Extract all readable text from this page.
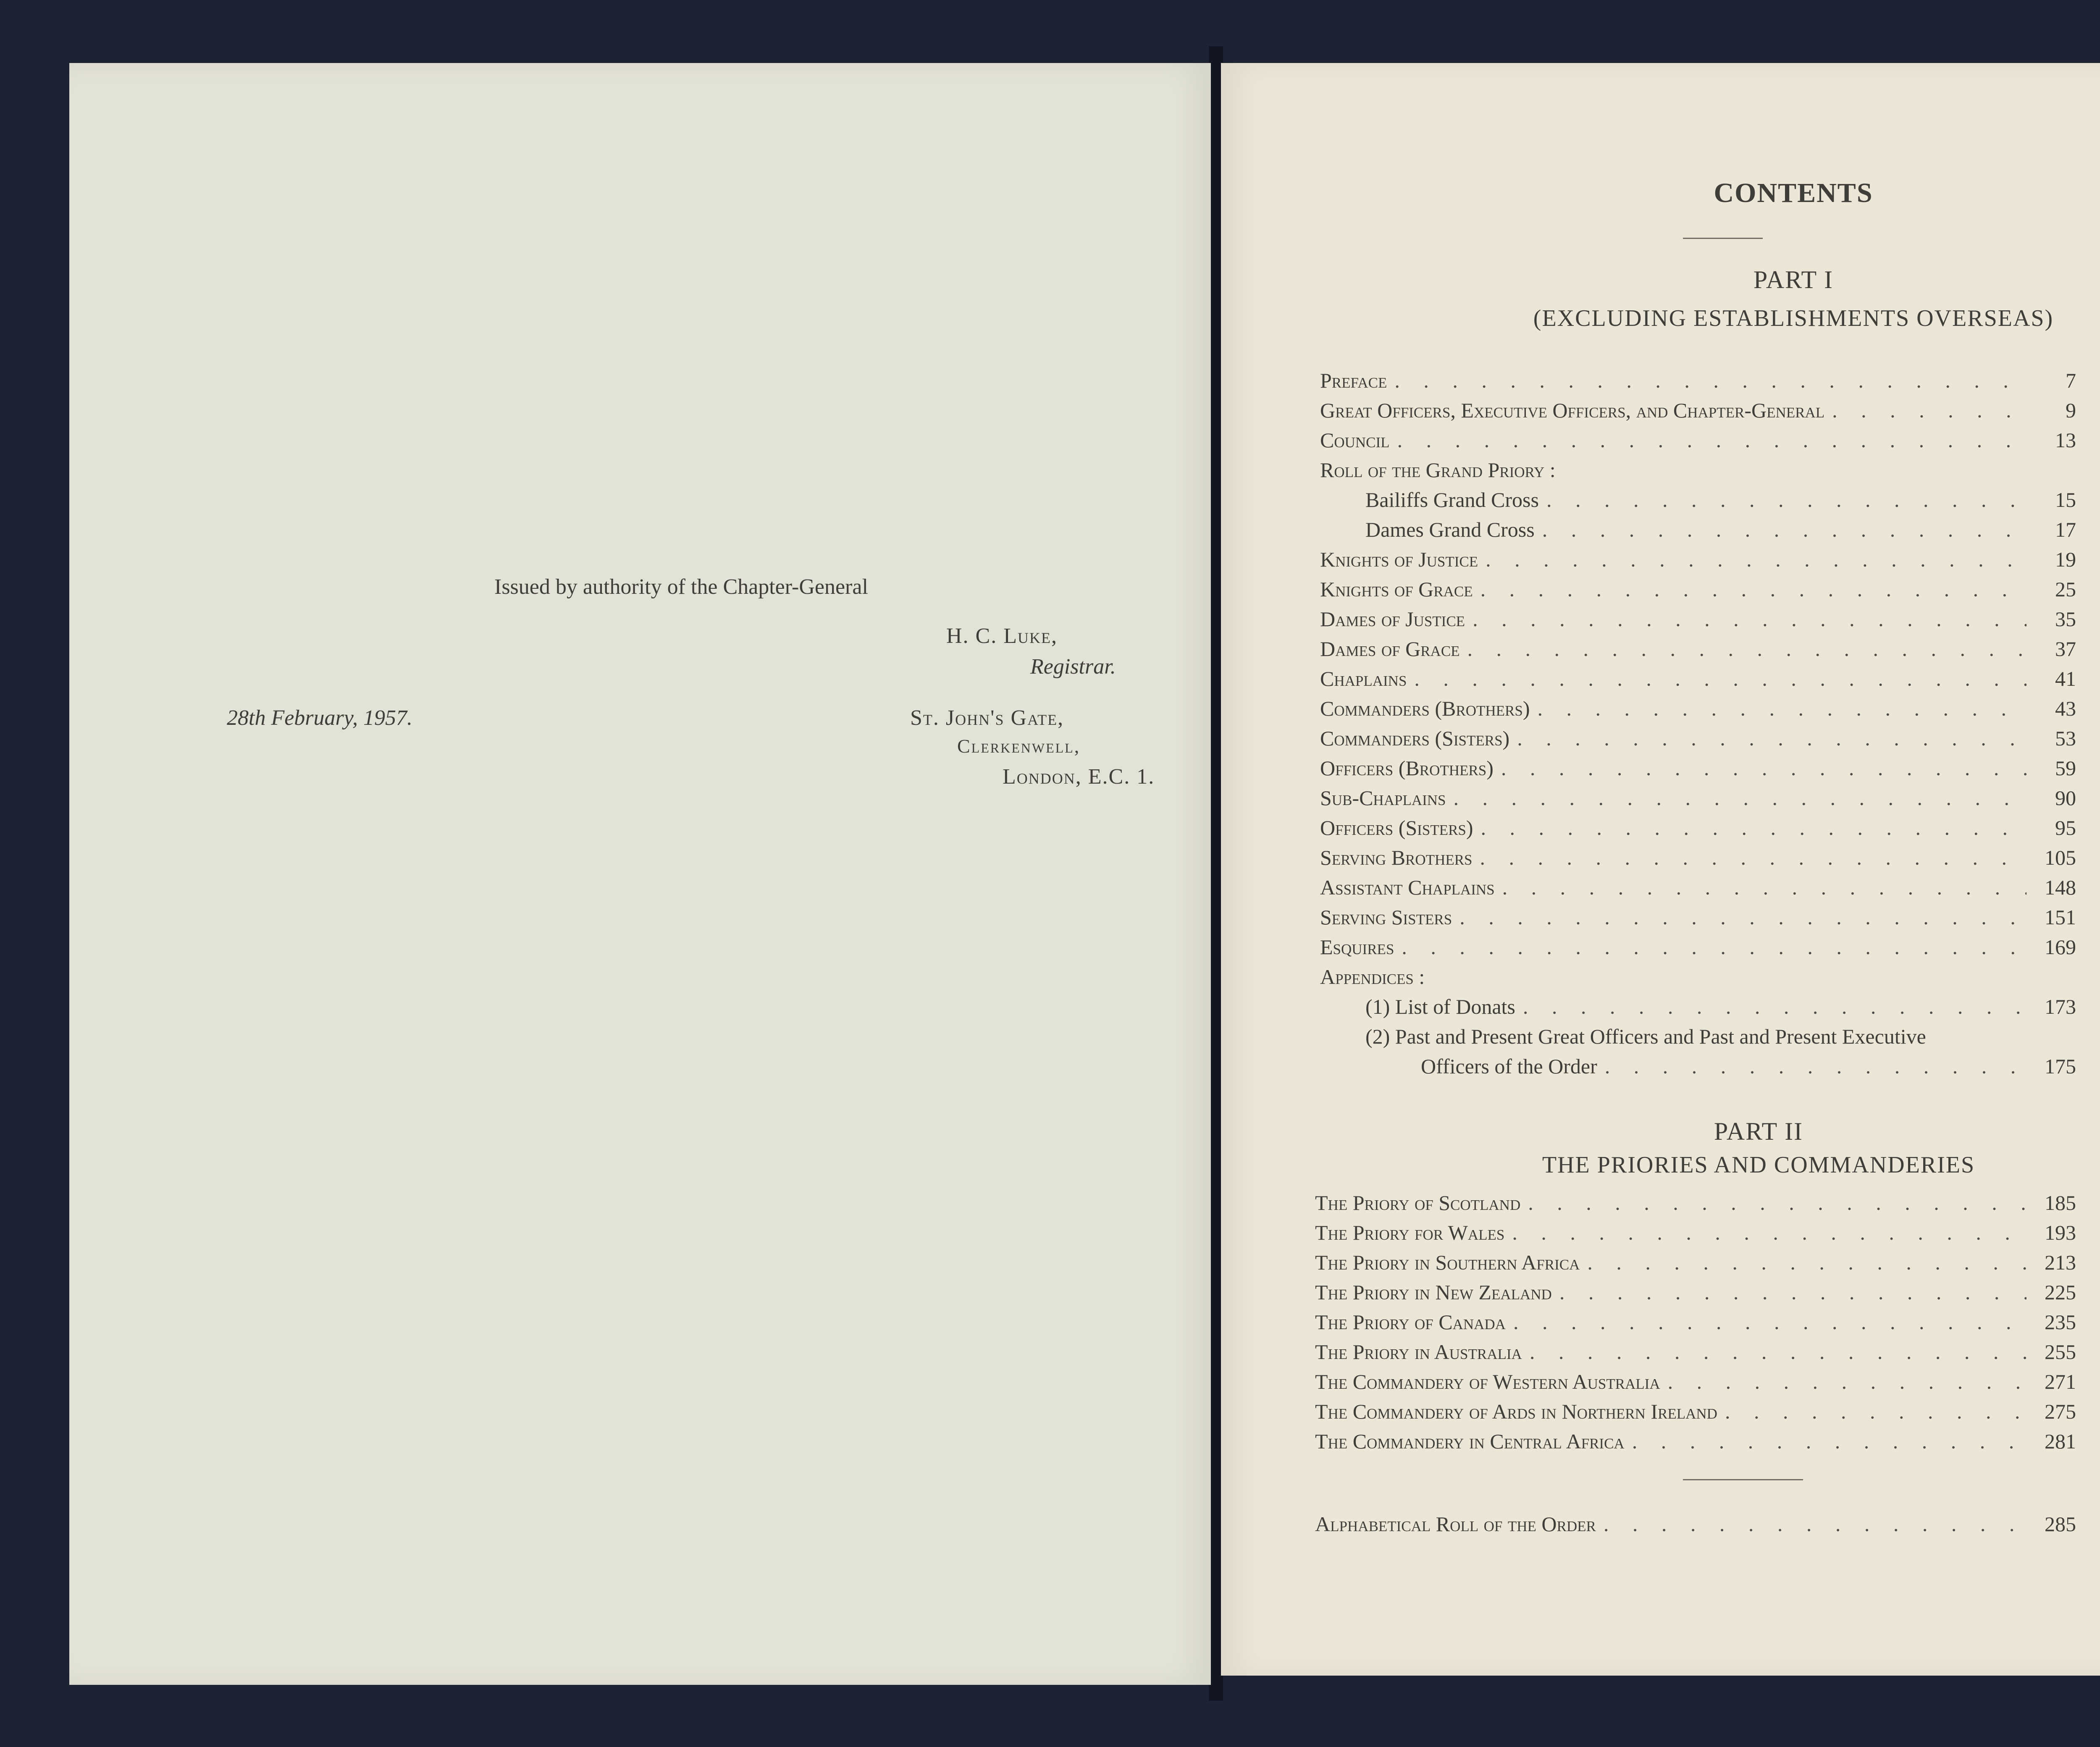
Issued by authority of the Chapter-General
H. C. Luke,
Registrar.
28th February, 1957.	St. John's Gate,
Clerkenwell,
London, E.C. 1.
CONTENTS
PART I
(EXCLUDING ESTABLISHMENTS OVERSEAS)
Preface . . .	7
Great Officers, Executive Officers, and Chapter-General . . .	9
Council . . .	13
Roll of the Grand Priory :
Bailiffs Grand Cross . . .	15
Dames Grand Cross . . .	17
Knights of Justice . . .	19
Knights of Grace . . .	25
Dames of Justice . . .	35
Dames of Grace . . .	37
Chaplains . . .	41
Commanders (Brothers) . . .	43
Commanders (Sisters) . . .	53
Officers (Brothers) . . .	59
Sub-Chaplains . . .	90
Officers (Sisters) . . .	95
Serving Brothers . . .	105
Assistant Chaplains . . .	148
Serving Sisters . . .	151
Esquires . . .	169
Appendices :
(1) List of Donats . . .	173
(2) Past and Present Great Officers and Past and Present Executive
Officers of the Order . . .	175
PART II
THE PRIORIES AND COMMANDERIES
The Priory of Scotland . . .	185
The Priory for Wales . . .	193
The Priory in Southern Africa . . .	213
The Priory in New Zealand . . .	225
The Priory of Canada . . .	235
The Priory in Australia . . .	255
The Commandery of Western Australia . . .	271
The Commandery of Ards in Northern Ireland . . .	275
The Commandery in Central Africa . . .	281
Alphabetical Roll of the Order . . .	285
